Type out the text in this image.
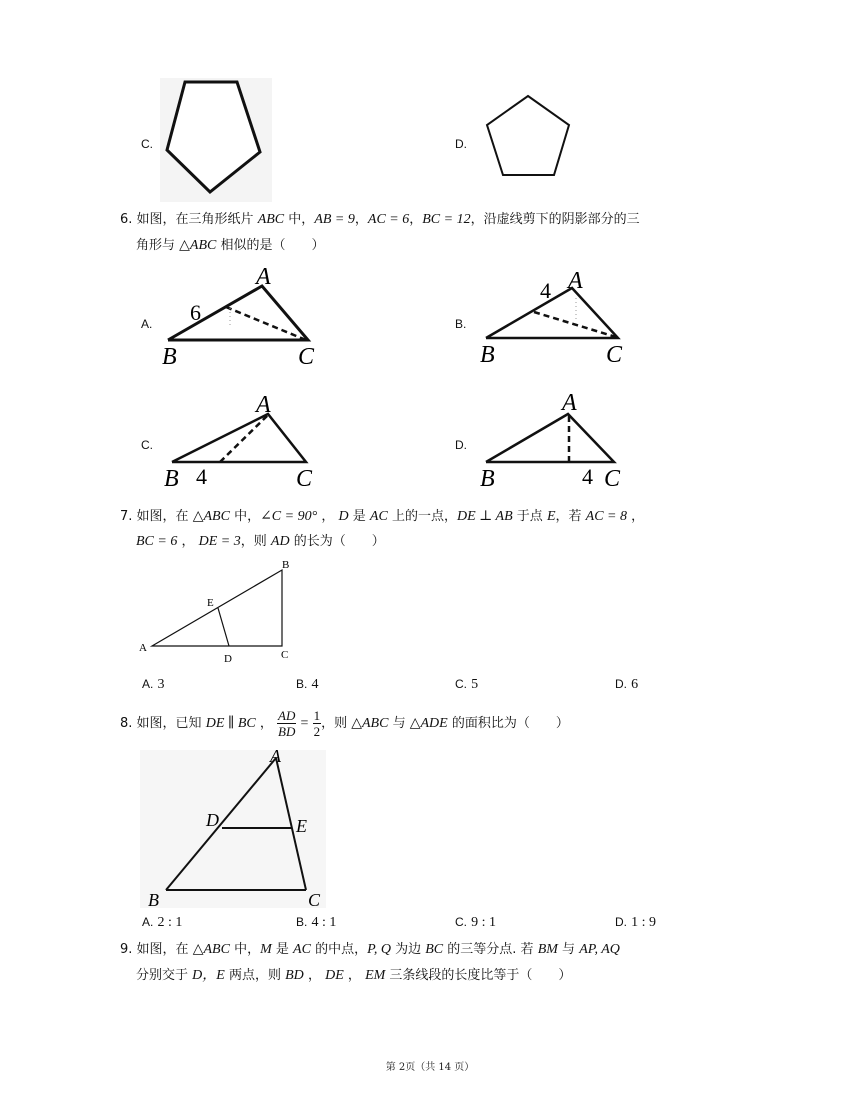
C.	D.
6. 如图，在三角形纸片 ABC 中，AB = 9，AC = 6，BC = 12，沿虚线剪下的阴影部分的三
角形与 △ABC 相似的是（　　）
A.
A
B	C
6	B.
A
B	C
4
C.
A
B	C
4
D.
A
B	C
4
7. 如图，在 △ABC 中，∠C = 90° ， D 是 AC 上的一点，DE ⊥ AB 于点 E，若 AC = 8 ，
BC = 6 ， DE = 3，则 AD 的长为（　　）
A
B
C
D
E
A. 3	B. 4	C. 5	D. 6
8. 如图，已知 DE ∥ BC ， $\frac{AD}{BD} = \frac{1}{2}$ ，则 △ABC 与 △ADE 的面积比为（　　）
A
B	C
D	E
A. 2 : 1	B. 4 : 1	C. 9 : 1	D. 1 : 9
9. 如图，在 △ABC 中，M 是 AC 的中点，P, Q 为边 BC 的三等分点. 若 BM 与 AP, AQ
分别交于 D，E 两点，则 BD ， DE ， EM 三条线段的长度比等于（　　）
第 2页（共 14 页）
